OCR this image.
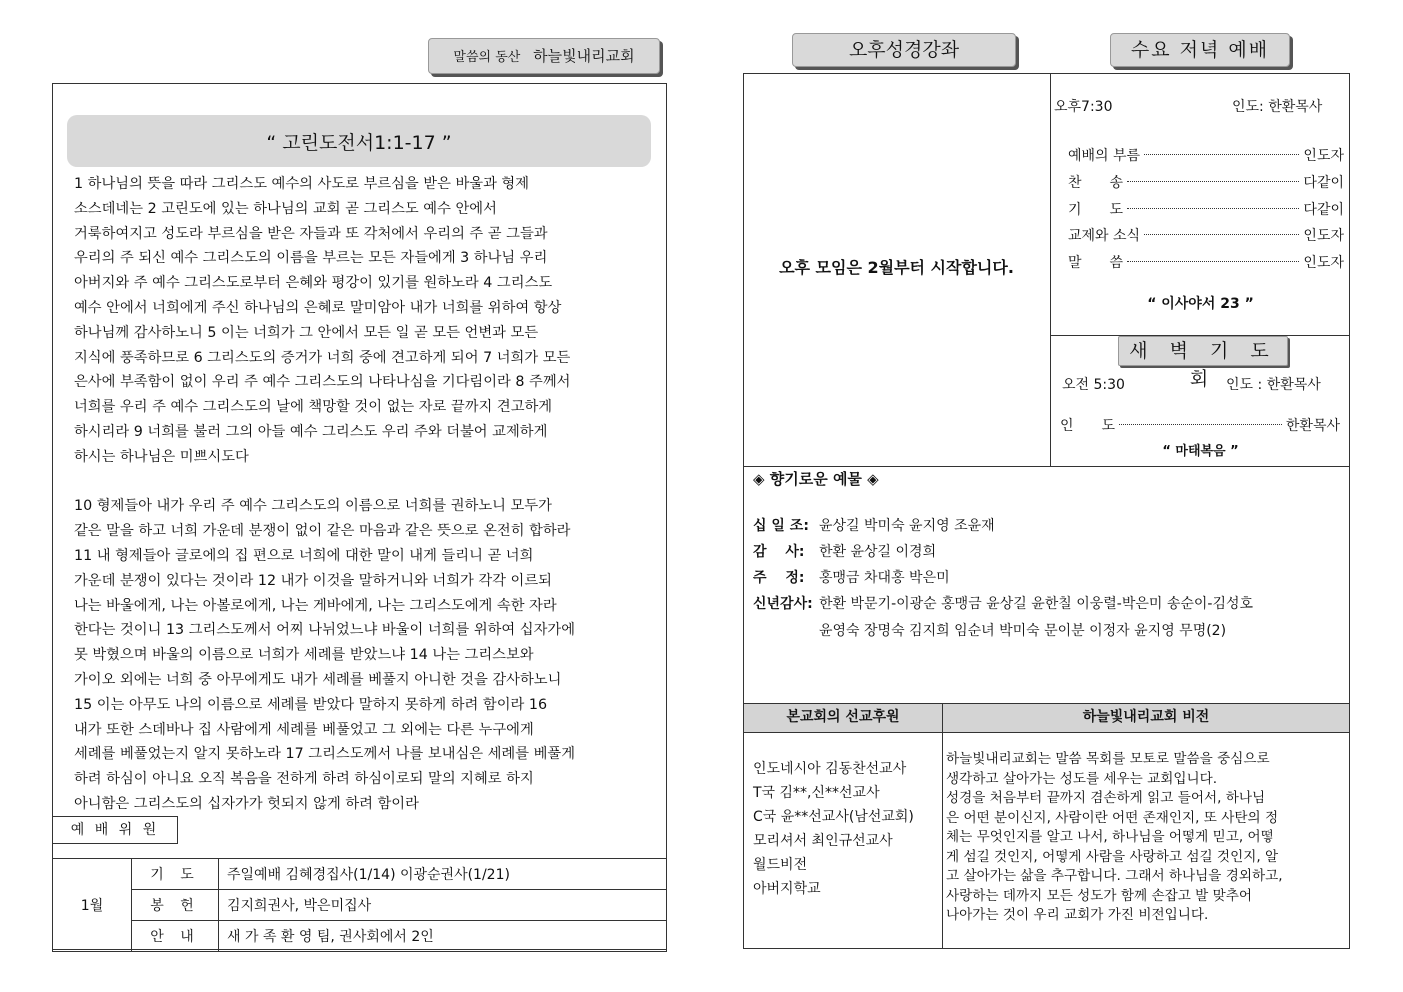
말씀의 동산 하늘빛내리교회
“ 고린도전서1:1-17 ”
1 하나님의 뜻을 따라 그리스도 예수의 사도로 부르심을 받은 바울과 형제
소스데네는 2 고린도에 있는 하나님의 교회 곧 그리스도 예수 안에서
거룩하여지고 성도라 부르심을 받은 자들과 또 각처에서 우리의 주 곧 그들과
우리의 주 되신 예수 그리스도의 이름을 부르는 모든 자들에게 3 하나님 우리
아버지와 주 예수 그리스도로부터 은혜와 평강이 있기를 원하노라 4 그리스도
예수 안에서 너희에게 주신 하나님의 은혜로 말미암아 내가 너희를 위하여 항상
하나님께 감사하노니 5 이는 너희가 그 안에서 모든 일 곧 모든 언변과 모든
지식에 풍족하므로 6 그리스도의 증거가 너희 중에 견고하게 되어 7 너희가 모든
은사에 부족함이 없이 우리 주 예수 그리스도의 나타나심을 기다림이라 8 주께서
너희를 우리 주 예수 그리스도의 날에 책망할 것이 없는 자로 끝까지 견고하게
하시리라 9 너희를 불러 그의 아들 예수 그리스도 우리 주와 더불어 교제하게
하시는 하나님은 미쁘시도다
10 형제들아 내가 우리 주 예수 그리스도의 이름으로 너희를 권하노니 모두가
같은 말을 하고 너희 가운데 분쟁이 없이 같은 마음과 같은 뜻으로 온전히 합하라
11 내 형제들아 글로에의 집 편으로 너희에 대한 말이 내게 들리니 곧 너희
가운데 분쟁이 있다는 것이라 12 내가 이것을 말하거니와 너희가 각각 이르되
나는 바울에게, 나는 아볼로에게, 나는 게바에게, 나는 그리스도에게 속한 자라
한다는 것이니 13 그리스도께서 어찌 나뉘었느냐 바울이 너희를 위하여 십자가에
못 박혔으며 바울의 이름으로 너희가 세례를 받았느냐 14 나는 그리스보와
가이오 외에는 너희 중 아무에게도 내가 세례를 베풀지 아니한 것을 감사하노니
15 이는 아무도 나의 이름으로 세례를 받았다 말하지 못하게 하려 함이라 16
내가 또한 스데바나 집 사람에게 세례를 베풀었고 그 외에는 다른 누구에게
세례를 베풀었는지 알지 못하노라 17 그리스도께서 나를 보내심은 세례를 베풀게
하려 하심이 아니요 오직 복음을 전하게 하려 하심이로되 말의 지혜로 하지
아니함은 그리스도의 십자가가 헛되지 않게 하려 함이라
예 배 위 원
1월	기 도	주일예배 김혜경집사(1/14) 이광순권사(1/21)
	봉 헌	김지희권사, 박은미집사
	안 내	새 가 족 환 영 팀, 권사회에서 2인
오후성경강좌	수요 저녁 예배
오후 모임은 2월부터 시작합니다.
오후7:30	인도: 한환목사
예배의 부름	인도자
찬　　송	다같이
기　　도	다같이
교제와 소식	인도자
말　　씀	인도자
“ 이사야서 23 ”
새 벽 기 도 회
오전 5:30	인도 : 한환목사
인　　도	한환목사
“ 마태복음 ”
◈ 향기로운 예물 ◈
십 일 조: 윤상길 박미숙 윤지영 조윤재
감　 사: 한환 윤상길 이경희
주　 정: 홍맹금 차대홍 박은미
신년감사: 한환 박문기-이광순 홍맹금 윤상길 윤한칠 이웅렬-박은미 송순이-김성호
윤영숙 장명숙 김지희 임순녀 박미숙 문이분 이정자 윤지영 무명(2)
본교회의 선교후원	하늘빛내리교회 비전
인도네시아 김동찬선교사
T국 김**,신**선교사
C국 윤**선교사(남선교회)
모리셔서 최인규선교사
월드비전
아버지학교
하늘빛내리교회는 말씀 목회를 모토로 말씀을 중심으로
생각하고 살아가는 성도를 세우는 교회입니다.
성경을 처음부터 끝까지 겸손하게 읽고 들어서, 하나님
은 어떤 분이신지, 사람이란 어떤 존재인지, 또 사탄의 정
체는 무엇인지를 알고 나서, 하나님을 어떻게 믿고, 어떻
게 섬길 것인지, 어떻게 사람을 사랑하고 섬길 것인지, 알
고 살아가는 삶을 추구합니다. 그래서 하나님을 경외하고,
사랑하는 데까지 모든 성도가 함께 손잡고 발 맞추어
나아가는 것이 우리 교회가 가진 비전입니다.
